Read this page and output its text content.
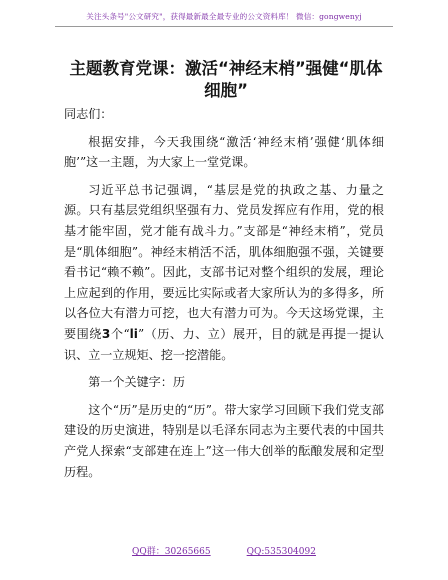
关注头条号"公文研究"，获得最新最全最专业的公文资料库！ 微信：gongwenyj
主题教育党课：激活“神经末梢”强健“肌体
细胞”

同志们：

根据安排，今天我围绕“激活‘神经末梢’强健‘肌体细胞’”这一主题，为大家上一堂党课。

习近平总书记强调，“基层是党的执政之基、力量之源。只有基层党组织坚强有力、党员发挥应有作用，党的根基才能牢固，党才能有战斗力。”支部是“神经末梢”，党员是“肌体细胞”。神经末梢活不活，肌体细胞强不强，关键要看书记“赖不赖”。因此，支部书记对整个组织的发展，理论上应起到的作用，要远比实际或者大家所认为的多得多，所以各位大有潜力可挖，也大有潜力可为。今天这场党课，主要围绕3个“li”（历、力、立）展开，目的就是再提一提认识、立一立规矩、挖一挖潜能。

第一个关键字：历

这个“历”是历史的“历”。带大家学习回顾下我们党支部建设的历史演进，特别是以毛泽东同志为主要代表的中国共产党人探索“支部建在连上”这一伟大创举的酝酿发展和定型历程。

QQ群：30265665	QQ:535304092
